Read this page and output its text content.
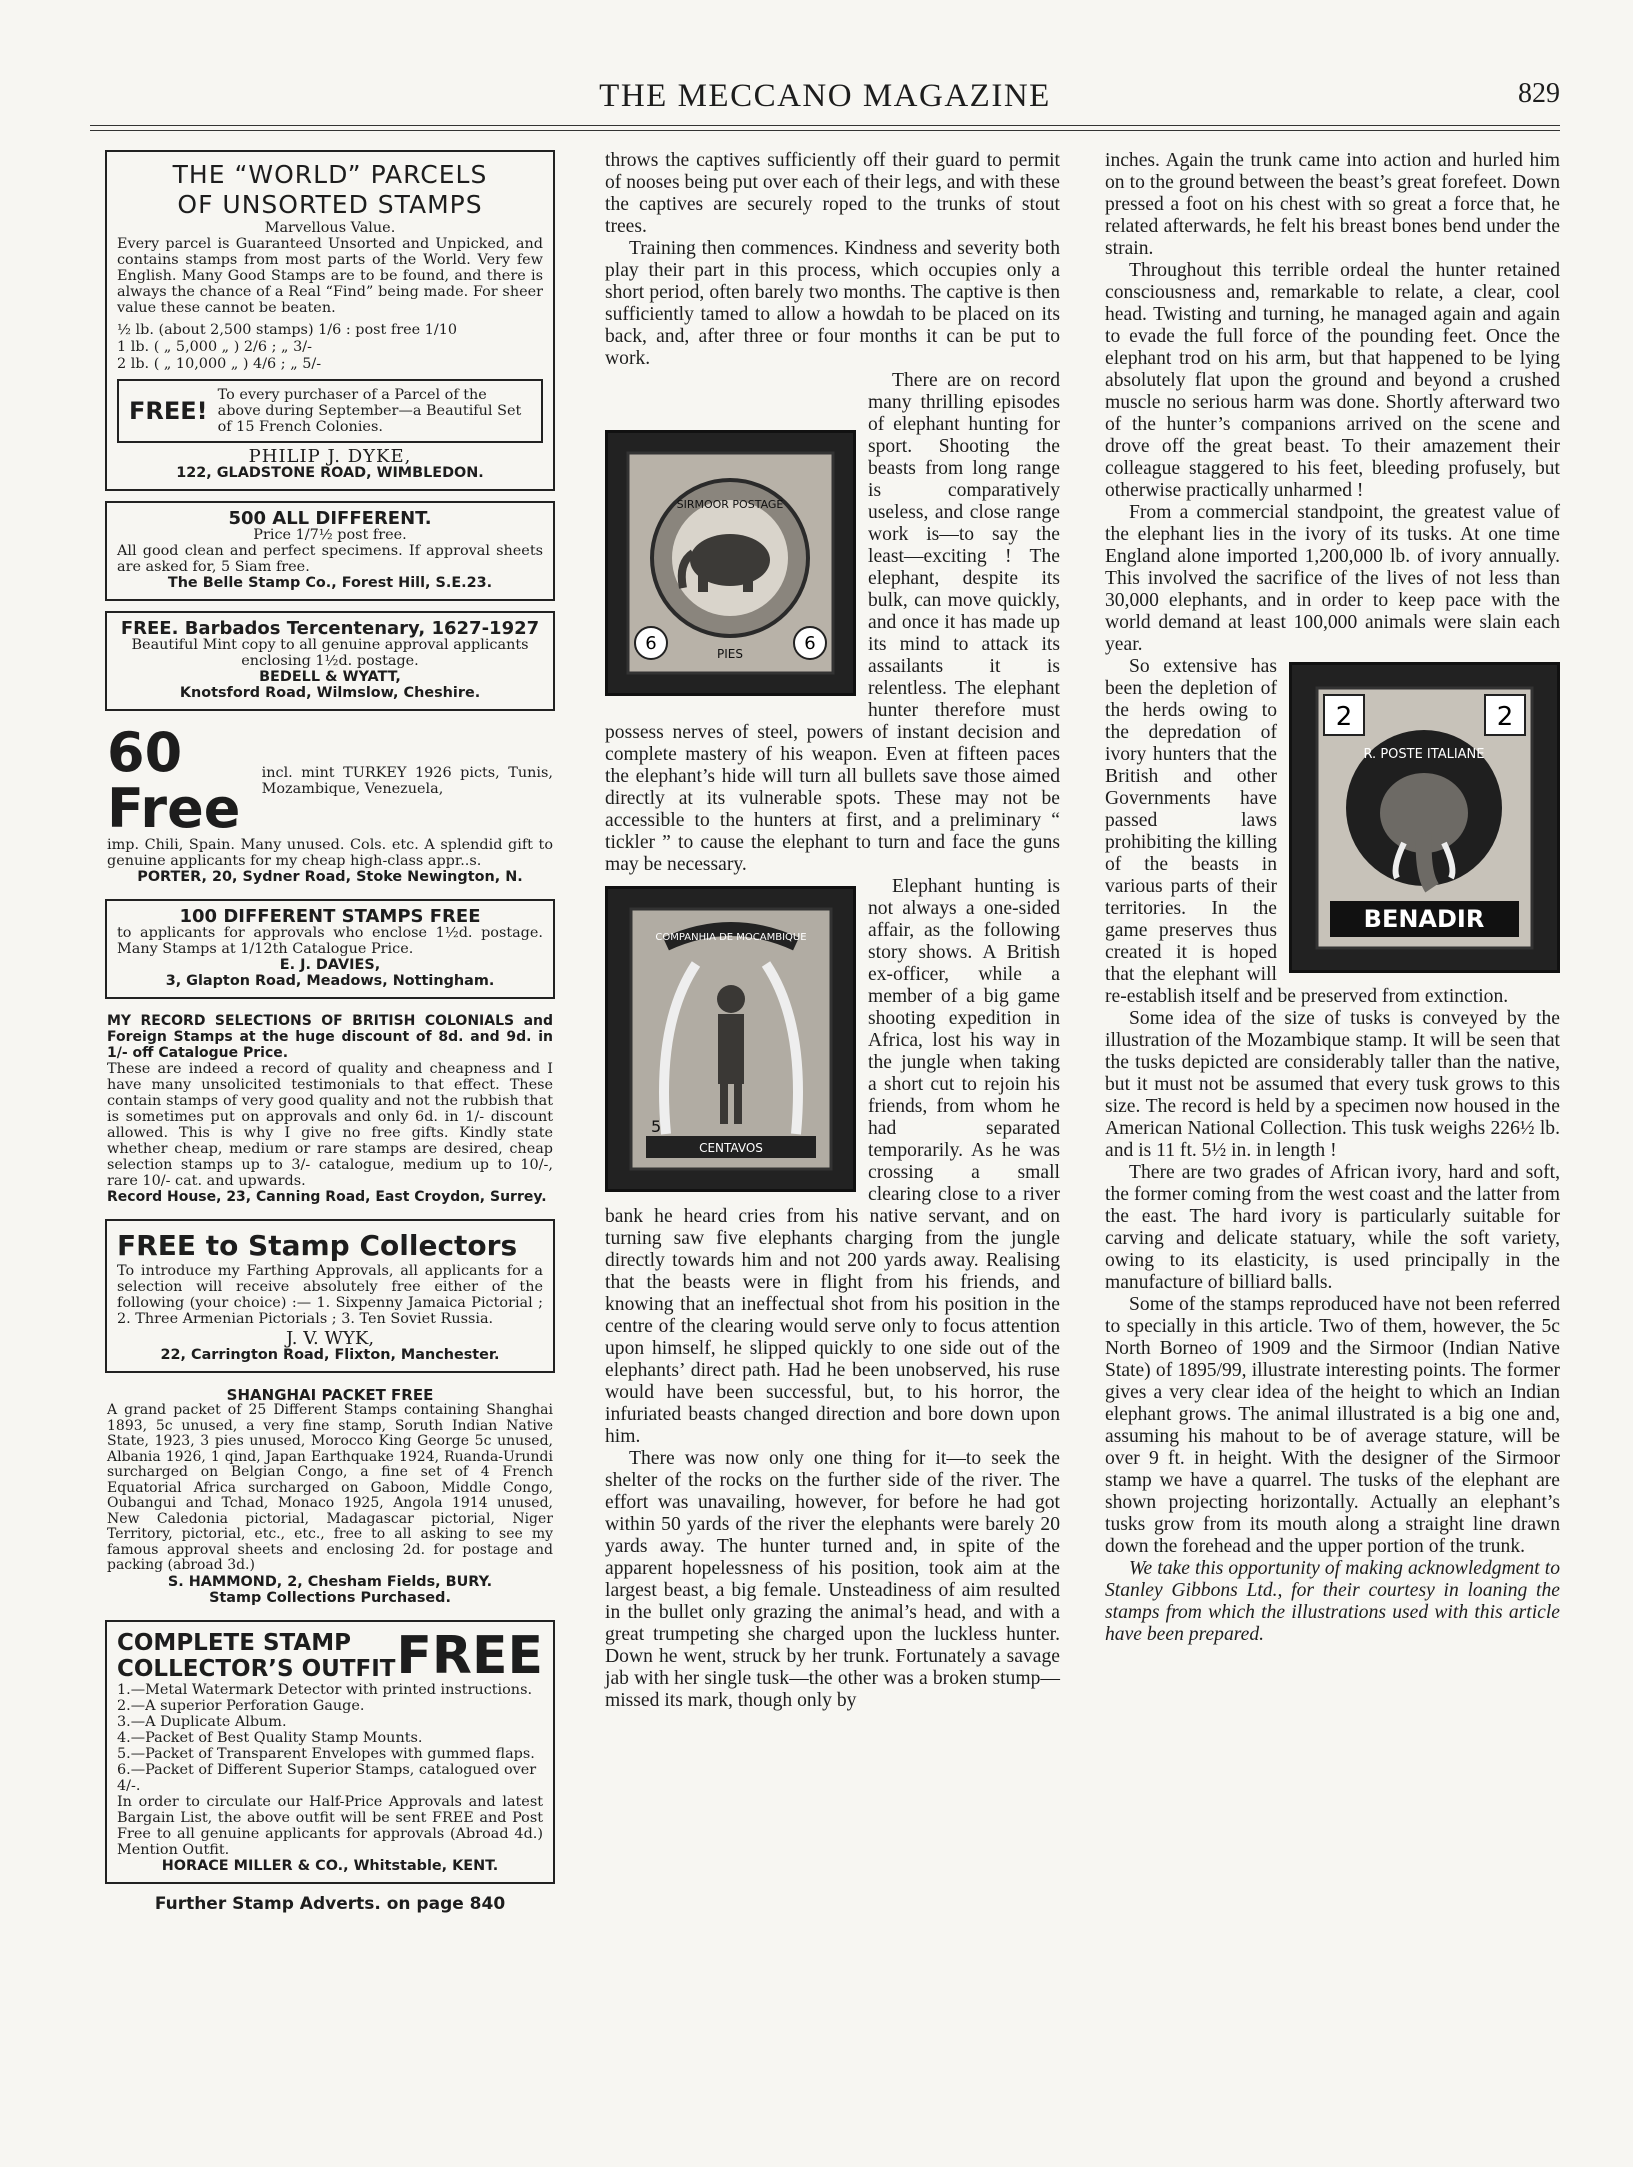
THE MECCANO MAGAZINE	829
THE “WORLD” PARCELS
OF UNSORTED STAMPS
Marvellous Value.
Every parcel is Guaranteed Unsorted and Unpicked, and contains stamps from most parts of the World. Very few English. Many Good Stamps are to be found, and there is always the chance of a Real “Find” being made. For sheer value these cannot be beaten.
½ lb. (about 2,500 stamps) 1/6 : post free 1/10
1 lb. ( „ 5,000 „ ) 2/6 ; „ 3/-
2 lb. ( „ 10,000 „ ) 4/6 ; „ 5/-
FREE!
To every purchaser of a Parcel of the above during September—a Beautiful Set of 15 French Colonies.
PHILIP J. DYKE,
122, GLADSTONE ROAD, WIMBLEDON.
500 ALL DIFFERENT.
Price 1/7½ post free.
All good clean and perfect specimens. If approval sheets are asked for, 5 Siam free.
The Belle Stamp Co., Forest Hill, S.E.23.
FREE. Barbados Tercentenary, 1627-1927
Beautiful Mint copy to all genuine approval applicants enclosing 1½d. postage.
BEDELL & WYATT,
Knotsford Road, Wilmslow, Cheshire.
60 Free
incl. mint TURKEY 1926 picts, Tunis, Mozambique, Venezuela,
imp. Chili, Spain. Many unused. Cols. etc. A splendid gift to genuine applicants for my cheap high-class appr..s.
PORTER, 20, Sydner Road, Stoke Newington, N.
100 DIFFERENT STAMPS FREE
to applicants for approvals who enclose 1½d. postage. Many Stamps at 1/12th Catalogue Price.
E. J. DAVIES,
3, Glapton Road, Meadows, Nottingham.
MY RECORD SELECTIONS OF BRITISH COLONIALS and Foreign Stamps at the huge discount of 8d. and 9d. in 1/- off Catalogue Price.
These are indeed a record of quality and cheapness and I have many unsolicited testimonials to that effect. These contain stamps of very good quality and not the rubbish that is sometimes put on approvals and only 6d. in 1/- discount allowed. This is why I give no free gifts. Kindly state whether cheap, medium or rare stamps are desired, cheap selection stamps up to 3/- catalogue, medium up to 10/-, rare 10/- cat. and upwards.
Record House, 23, Canning Road, East Croydon, Surrey.
FREE to Stamp Collectors
To introduce my Farthing Approvals, all applicants for a selection will receive absolutely free either of the following (your choice) :— 1. Sixpenny Jamaica Pictorial ; 2. Three Armenian Pictorials ; 3. Ten Soviet Russia.
J. V. WYK,
22, Carrington Road, Flixton, Manchester.
SHANGHAI PACKET FREE
A grand packet of 25 Different Stamps containing Shanghai 1893, 5c unused, a very fine stamp, Soruth Indian Native State, 1923, 3 pies unused, Morocco King George 5c unused, Albania 1926, 1 qind, Japan Earthquake 1924, Ruanda-Urundi surcharged on Belgian Congo, a fine set of 4 French Equatorial Africa surcharged on Gaboon, Middle Congo, Oubangui and Tchad, Monaco 1925, Angola 1914 unused, New Caledonia pictorial, Madagascar pictorial, Niger Territory, pictorial, etc., etc., free to all asking to see my famous approval sheets and enclosing 2d. for postage and packing (abroad 3d.)
S. HAMMOND, 2, Chesham Fields, BURY.
Stamp Collections Purchased.
COMPLETE STAMP
COLLECTOR’S OUTFIT FREE
1.—Metal Watermark Detector with printed instructions.
2.—A superior Perforation Gauge.
3.—A Duplicate Album.
4.—Packet of Best Quality Stamp Mounts.
5.—Packet of Transparent Envelopes with gummed flaps.
6.—Packet of Different Superior Stamps, catalogued over 4/-.
In order to circulate our Half-Price Approvals and latest Bargain List, the above outfit will be sent FREE and Post Free to all genuine applicants for approvals (Abroad 4d.) Mention Outfit.
HORACE MILLER & CO., Whitstable, KENT.
Further Stamp Adverts. on page 840

throws the captives sufficiently off their guard to permit of nooses being put over each of their legs, and with these the captives are securely roped to the trunks of stout trees.

Training then commences. Kindness and severity both play their part in this process, which occupies only a short period, often barely two months. The captive is then sufficiently tamed to allow a howdah to be placed on its back, and, after three or four months it can be put to work.

6	6
SIRMOOR POSTAGE
PIES

There are on record many thrilling episodes of elephant hunting for sport. Shooting the beasts from long range is comparatively useless, and close range work is—to say the least—exciting ! The elephant, despite its bulk, can move quickly, and once it has made up its mind to attack its assailants it is relentless. The elephant hunter therefore must possess nerves of steel, powers of instant decision and complete mastery of his weapon. Even at fifteen paces the elephant’s hide will turn all bullets save those aimed directly at its vulnerable spots. These may not be accessible to the hunters at first, and a preliminary “ tickler ” to cause the elephant to turn and face the guns may be necessary.

COMPANHIA DE MOCAMBIQUE
CENTAVOS
5

Elephant hunting is not always a one-sided affair, as the following story shows. A British ex-officer, while a member of a big game shooting expedition in Africa, lost his way in the jungle when taking a short cut to rejoin his friends, from whom he had separated temporarily. As he was crossing a small clearing close to a river bank he heard cries from his native servant, and on turning saw five elephants charging from the jungle directly towards him and not 200 yards away. Realising that the beasts were in flight from his friends, and knowing that an ineffectual shot from his position in the centre of the clearing would serve only to focus attention upon himself, he slipped quickly to one side out of the elephants’ direct path. Had he been unobserved, his ruse would have been successful, but, to his horror, the infuriated beasts changed direction and bore down upon him.

There was now only one thing for it—to seek the shelter of the rocks on the further side of the river. The effort was unavailing, however, for before he had got within 50 yards of the river the elephants were barely 20 yards away. The hunter turned and, in spite of the apparent hopelessness of his position, took aim at the largest beast, a big female. Unsteadiness of aim resulted in the bullet only grazing the animal’s head, and with a great trumpeting she charged upon the luckless hunter. Down he went, struck by her trunk. Fortunately a savage jab with her single tusk—the other was a broken stump—missed its mark, though only by

inches. Again the trunk came into action and hurled him on to the ground between the beast’s great forefeet. Down pressed a foot on his chest with so great a force that, he related afterwards, he felt his breast bones bend under the strain.

Throughout this terrible ordeal the hunter retained consciousness and, remarkable to relate, a clear, cool head. Twisting and turning, he managed again and again to evade the full force of the pounding feet. Once the elephant trod on his arm, but that happened to be lying absolutely flat upon the ground and beyond a crushed muscle no serious harm was done. Shortly afterward two of the hunter’s companions arrived on the scene and drove off the great beast. To their amazement their colleague staggered to his feet, bleeding profusely, but otherwise practically unharmed !

From a commercial standpoint, the greatest value of the elephant lies in the ivory of its tusks. At one time England alone imported 1,200,000 lb. of ivory annually. This involved the sacrifice of the lives of not less than 30,000 elephants, and in order to keep pace with the world demand at least 100,000 animals were slain each year.

2	2
R. POSTE ITALIANE
BENADIR

So extensive has been the depletion of the herds owing to the depredation of ivory hunters that the British and other Governments have passed laws prohibiting the killing of the beasts in various parts of their territories. In the game preserves thus created it is hoped that the elephant will re-establish itself and be preserved from extinction.

Some idea of the size of tusks is conveyed by the illustration of the Mozambique stamp. It will be seen that the tusks depicted are considerably taller than the native, but it must not be assumed that every tusk grows to this size. The record is held by a specimen now housed in the American National Collection. This tusk weighs 226½ lb. and is 11 ft. 5½ in. in length !

There are two grades of African ivory, hard and soft, the former coming from the west coast and the latter from the east. The hard ivory is particularly suitable for carving and delicate statuary, while the soft variety, owing to its elasticity, is used principally in the manufacture of billiard balls.

Some of the stamps reproduced have not been referred to specially in this article. Two of them, however, the 5c North Borneo of 1909 and the Sirmoor (Indian Native State) of 1895/99, illustrate interesting points. The former gives a very clear idea of the height to which an Indian elephant grows. The animal illustrated is a big one and, assuming his mahout to be of average stature, will be over 9 ft. in height. With the designer of the Sirmoor stamp we have a quarrel. The tusks of the elephant are shown projecting horizontally. Actually an elephant’s tusks grow from its mouth along a straight line drawn down the forehead and the upper portion of the trunk.

We take this opportunity of making acknowledgment to Stanley Gibbons Ltd., for their courtesy in loaning the stamps from which the illustrations used with this article have been prepared.
